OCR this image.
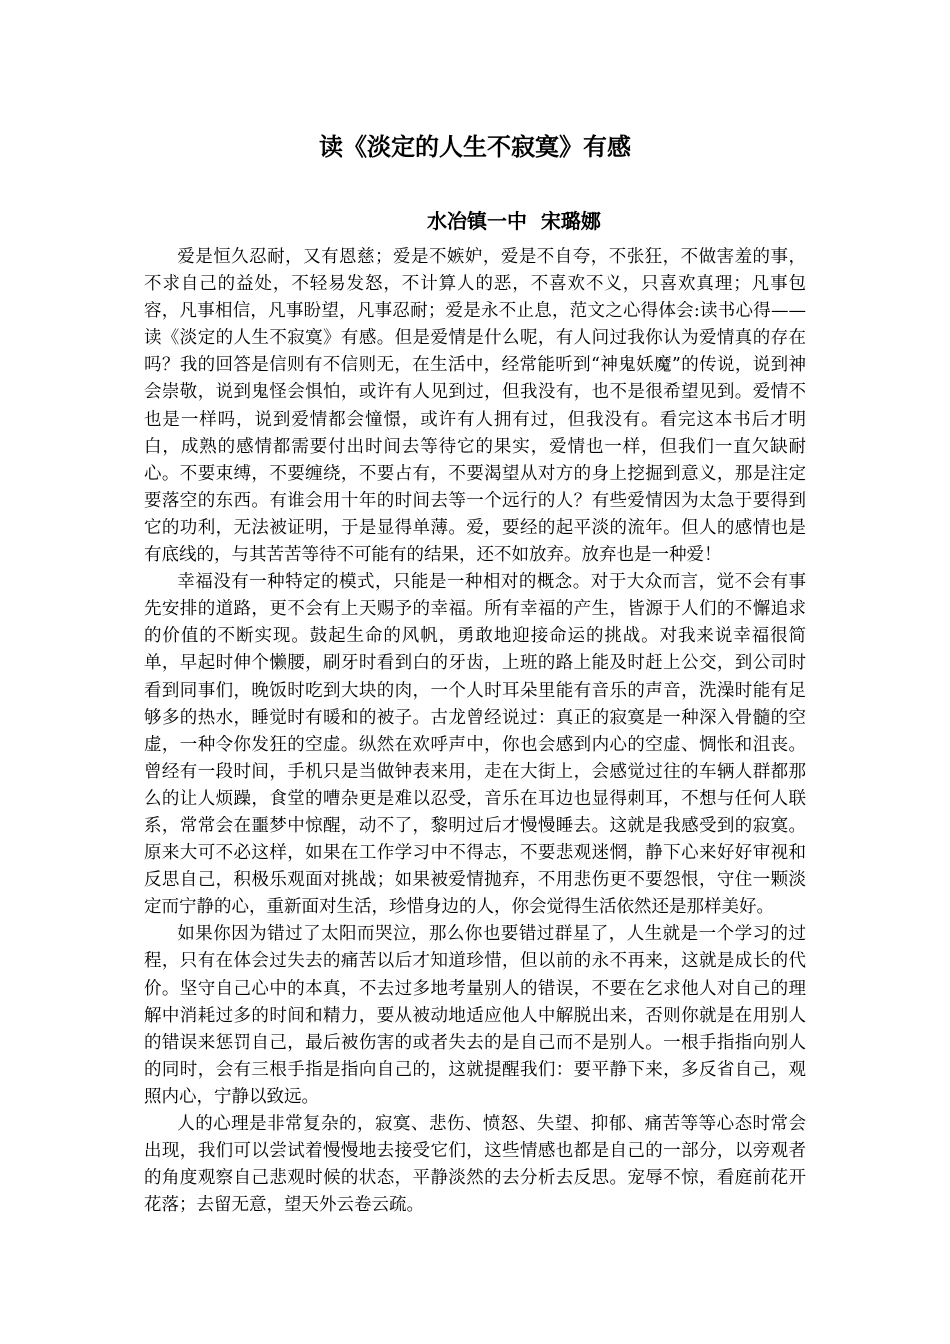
读《淡定的人生不寂寞》有感
水冶镇一中  宋璐娜

爱是恒久忍耐，又有恩慈；爱是不嫉妒，爱是不自夸，不张狂，不做害羞的事，不求自己的益处，不轻易发怒，不计算人的恶，不喜欢不义，只喜欢真理；凡事包容，凡事相信，凡事盼望，凡事忍耐；爱是永不止息，范文之心得体会:读书心得——读《淡定的人生不寂寞》有感。但是爱情是什么呢，有人问过我你认为爱情真的存在吗？我的回答是信则有不信则无，在生活中，经常能听到“神鬼妖魔”的传说，说到神会崇敬，说到鬼怪会惧怕，或许有人见到过，但我没有，也不是很希望见到。爱情不也是一样吗，说到爱情都会憧憬，或许有人拥有过，但我没有。看完这本书后才明白，成熟的感情都需要付出时间去等待它的果实，爱情也一样，但我们一直欠缺耐心。不要束缚，不要缠绕，不要占有，不要渴望从对方的身上挖掘到意义，那是注定要落空的东西。有谁会用十年的时间去等一个远行的人？有些爱情因为太急于要得到它的功利，无法被证明，于是显得单薄。爱，要经的起平淡的流年。但人的感情也是有底线的，与其苦苦等待不可能有的结果，还不如放弃。放弃也是一种爱！

幸福没有一种特定的模式，只能是一种相对的概念。对于大众而言，觉不会有事先安排的道路，更不会有上天赐予的幸福。所有幸福的产生，皆源于人们的不懈追求的价值的不断实现。鼓起生命的风帆，勇敢地迎接命运的挑战。对我来说幸福很简单，早起时伸个懒腰，刷牙时看到白的牙齿，上班的路上能及时赶上公交，到公司时看到同事们，晚饭时吃到大块的肉，一个人时耳朵里能有音乐的声音，洗澡时能有足够多的热水，睡觉时有暖和的被子。古龙曾经说过：真正的寂寞是一种深入骨髓的空虚，一种令你发狂的空虚。纵然在欢呼声中，你也会感到内心的空虚、惆怅和沮丧。曾经有一段时间，手机只是当做钟表来用，走在大街上，会感觉过往的车辆人群都那么的让人烦躁，食堂的嘈杂更是难以忍受，音乐在耳边也显得刺耳，不想与任何人联系，常常会在噩梦中惊醒，动不了，黎明过后才慢慢睡去。这就是我感受到的寂寞。原来大可不必这样，如果在工作学习中不得志，不要悲观迷惘，静下心来好好审视和反思自己，积极乐观面对挑战；如果被爱情抛弃，不用悲伤更不要怨恨，守住一颗淡定而宁静的心，重新面对生活，珍惜身边的人，你会觉得生活依然还是那样美好。

如果你因为错过了太阳而哭泣，那么你也要错过群星了，人生就是一个学习的过程，只有在体会过失去的痛苦以后才知道珍惜，但以前的永不再来，这就是成长的代价。坚守自己心中的本真，不去过多地考量别人的错误，不要在乞求他人对自己的理解中消耗过多的时间和精力，要从被动地适应他人中解脱出来，否则你就是在用别人的错误来惩罚自己，最后被伤害的或者失去的是自己而不是别人。一根手指指向别人的同时，会有三根手指是指向自己的，这就提醒我们：要平静下来，多反省自己，观照内心，宁静以致远。

人的心理是非常复杂的，寂寞、悲伤、愤怒、失望、抑郁、痛苦等等心态时常会出现，我们可以尝试着慢慢地去接受它们，这些情感也都是自己的一部分，以旁观者的角度观察自己悲观时候的状态，平静淡然的去分析去反思。宠辱不惊，看庭前花开花落；去留无意，望天外云卷云疏。
